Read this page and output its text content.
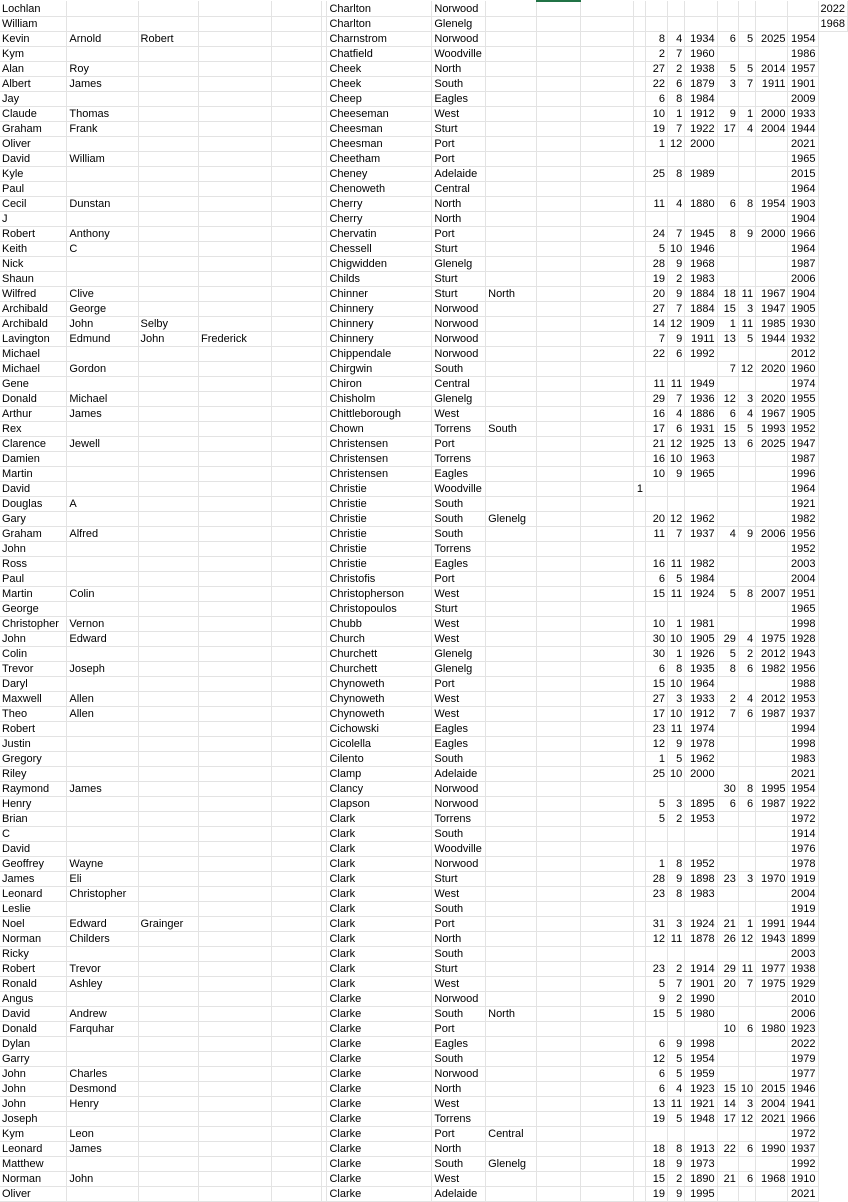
Lochlan						Charlton	Norwood												2022
William						Charlton	Glenelg												1968
Kevin	Arnold	Robert				Charnstrom	Norwood					8	4	1934	6	5	2025	1954	
Kym						Chatfield	Woodville					2	7	1960				1986	
Alan	Roy					Cheek	North					27	2	1938	5	5	2014	1957	
Albert	James					Cheek	South					22	6	1879	3	7	1911	1901	
Jay						Cheep	Eagles					6	8	1984				2009	
Claude	Thomas					Cheeseman	West					10	1	1912	9	1	2000	1933	
Graham	Frank					Cheesman	Sturt					19	7	1922	17	4	2004	1944	
Oliver						Cheesman	Port					1	12	2000				2021	
David	William					Cheetham	Port											1965	
Kyle						Cheney	Adelaide					25	8	1989				2015	
Paul						Chenoweth	Central											1964	
Cecil	Dunstan					Cherry	North					11	4	1880	6	8	1954	1903	
J						Cherry	North											1904	
Robert	Anthony					Chervatin	Port					24	7	1945	8	9	2000	1966	
Keith	C					Chessell	Sturt					5	10	1946				1964	
Nick						Chigwidden	Glenelg					28	9	1968				1987	
Shaun						Childs	Sturt					19	2	1983				2006	
Wilfred	Clive					Chinner	Sturt	North				20	9	1884	18	11	1967	1904	
Archibald	George					Chinnery	Norwood					27	7	1884	15	3	1947	1905	
Archibald	John	Selby				Chinnery	Norwood					14	12	1909	1	11	1985	1930	
Lavington	Edmund	John	Frederick			Chinnery	Norwood					7	9	1911	13	5	1944	1932	
Michael						Chippendale	Norwood					22	6	1992				2012	
Michael	Gordon					Chirgwin	South								7	12	2020	1960	
Gene						Chiron	Central					11	11	1949				1974	
Donald	Michael					Chisholm	Glenelg					29	7	1936	12	3	2020	1955	
Arthur	James					Chittleborough	West					16	4	1886	6	4	1967	1905	
Rex						Chown	Torrens	South				17	6	1931	15	5	1993	1952	
Clarence	Jewell					Christensen	Port					21	12	1925	13	6	2025	1947	
Damien						Christensen	Torrens					16	10	1963				1987	
Martin						Christensen	Eagles					10	9	1965				1996	
David						Christie	Woodville				1							1964	
Douglas	A					Christie	South											1921	
Gary						Christie	South	Glenelg				20	12	1962				1982	
Graham	Alfred					Christie	South					11	7	1937	4	9	2006	1956	
John						Christie	Torrens											1952	
Ross						Christie	Eagles					16	11	1982				2003	
Paul						Christofis	Port					6	5	1984				2004	
Martin	Colin					Christopherson	West					15	11	1924	5	8	2007	1951	
George						Christopoulos	Sturt											1965	
Christopher	Vernon					Chubb	West					10	1	1981				1998	
John	Edward					Church	West					30	10	1905	29	4	1975	1928	
Colin						Churchett	Glenelg					30	1	1926	5	2	2012	1943	
Trevor	Joseph					Churchett	Glenelg					6	8	1935	8	6	1982	1956	
Daryl						Chynoweth	Port					15	10	1964				1988	
Maxwell	Allen					Chynoweth	West					27	3	1933	2	4	2012	1953	
Theo	Allen					Chynoweth	West					17	10	1912	7	6	1987	1937	
Robert						Cichowski	Eagles					23	11	1974				1994	
Justin						Cicolella	Eagles					12	9	1978				1998	
Gregory						Cilento	South					1	5	1962				1983	
Riley						Clamp	Adelaide					25	10	2000				2021	
Raymond	James					Clancy	Norwood								30	8	1995	1954	
Henry						Clapson	Norwood					5	3	1895	6	6	1987	1922	
Brian						Clark	Torrens					5	2	1953				1972	
C						Clark	South											1914	
David						Clark	Woodville											1976	
Geoffrey	Wayne					Clark	Norwood					1	8	1952				1978	
James	Eli					Clark	Sturt					28	9	1898	23	3	1970	1919	
Leonard	Christopher					Clark	West					23	8	1983				2004	
Leslie						Clark	South											1919	
Noel	Edward	Grainger				Clark	Port					31	3	1924	21	1	1991	1944	
Norman	Childers					Clark	North					12	11	1878	26	12	1943	1899	
Ricky						Clark	South											2003	
Robert	Trevor					Clark	Sturt					23	2	1914	29	11	1977	1938	
Ronald	Ashley					Clark	West					5	7	1901	20	7	1975	1929	
Angus						Clarke	Norwood					9	2	1990				2010	
David	Andrew					Clarke	South	North				15	5	1980				2006	
Donald	Farquhar					Clarke	Port								10	6	1980	1923	
Dylan						Clarke	Eagles					6	9	1998				2022	
Garry						Clarke	South					12	5	1954				1979	
John	Charles					Clarke	Norwood					6	5	1959				1977	
John	Desmond					Clarke	North					6	4	1923	15	10	2015	1946	
John	Henry					Clarke	West					13	11	1921	14	3	2004	1941	
Joseph						Clarke	Torrens					19	5	1948	17	12	2021	1966	
Kym	Leon					Clarke	Port	Central										1972	
Leonard	James					Clarke	North					18	8	1913	22	6	1990	1937	
Matthew						Clarke	South	Glenelg				18	9	1973				1992	
Norman	John					Clarke	West					15	2	1890	21	6	1968	1910	
Oliver						Clarke	Adelaide					19	9	1995				2021	
